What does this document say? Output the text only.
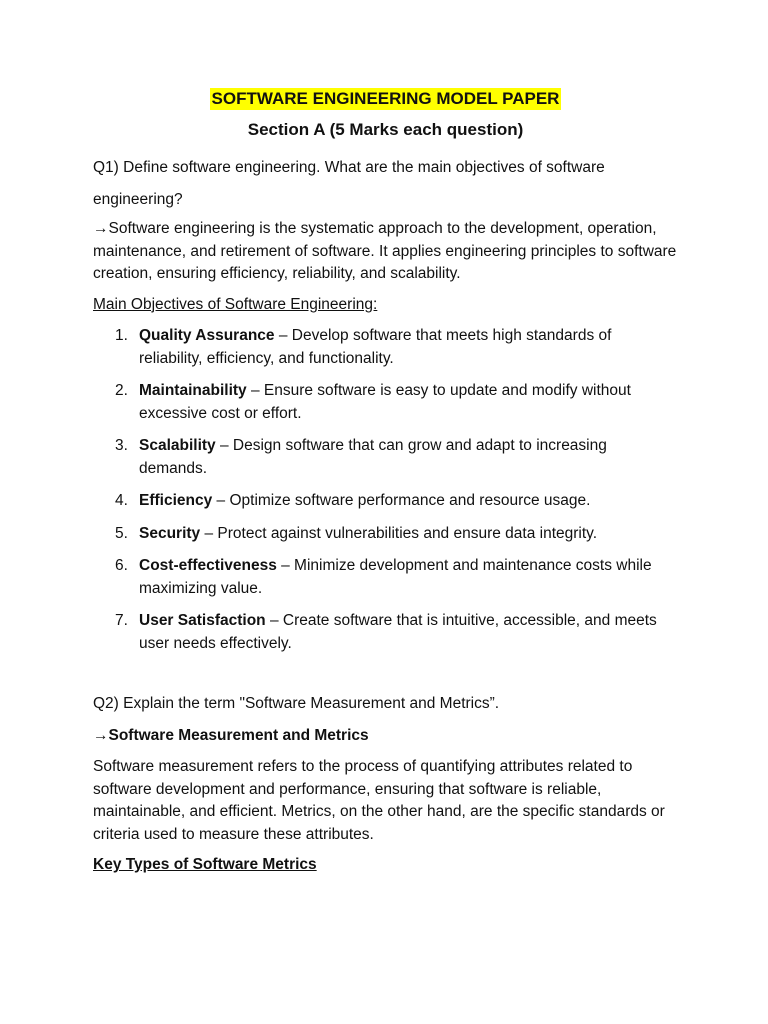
SOFTWARE ENGINEERING MODEL PAPER
Section A (5 Marks each question)

Q1) Define software engineering. What are the main objectives of software engineering?

→Software engineering is the systematic approach to the development, operation, maintenance, and retirement of software. It applies engineering principles to software creation, ensuring efficiency, reliability, and scalability.

Main Objectives of Software Engineering:

1. Quality Assurance – Develop software that meets high standards of reliability, efficiency, and functionality.
2. Maintainability – Ensure software is easy to update and modify without excessive cost or effort.
3. Scalability – Design software that can grow and adapt to increasing demands.
4. Efficiency – Optimize software performance and resource usage.
5. Security – Protect against vulnerabilities and ensure data integrity.
6. Cost-effectiveness – Minimize development and maintenance costs while maximizing value.
7. User Satisfaction – Create software that is intuitive, accessible, and meets user needs effectively.

Q2) Explain the term "Software Measurement and Metrics”.

→Software Measurement and Metrics

Software measurement refers to the process of quantifying attributes related to software development and performance, ensuring that software is reliable, maintainable, and efficient. Metrics, on the other hand, are the specific standards or criteria used to measure these attributes.

Key Types of Software Metrics
